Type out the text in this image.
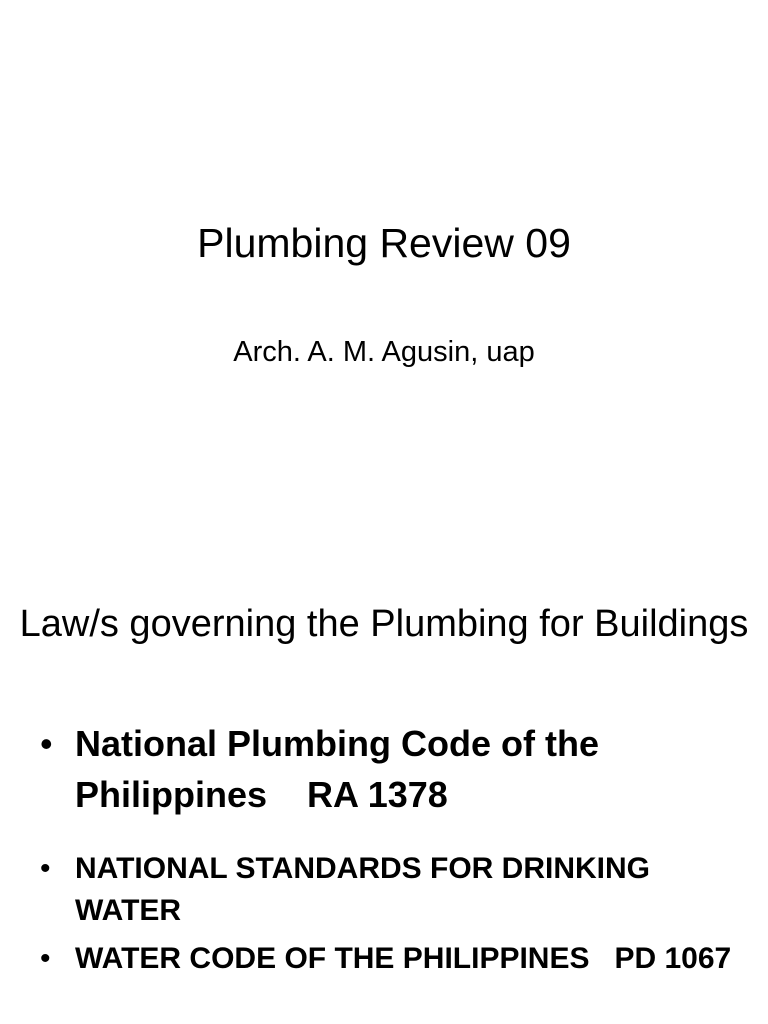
Plumbing Review 09
Arch. A. M. Agusin, uap
Law/s governing the Plumbing for Buildings
• National Plumbing Code of the Philippines    RA 1378
• NATIONAL STANDARDS FOR DRINKING WATER
• WATER CODE OF THE PHILIPPINES   PD 1067
